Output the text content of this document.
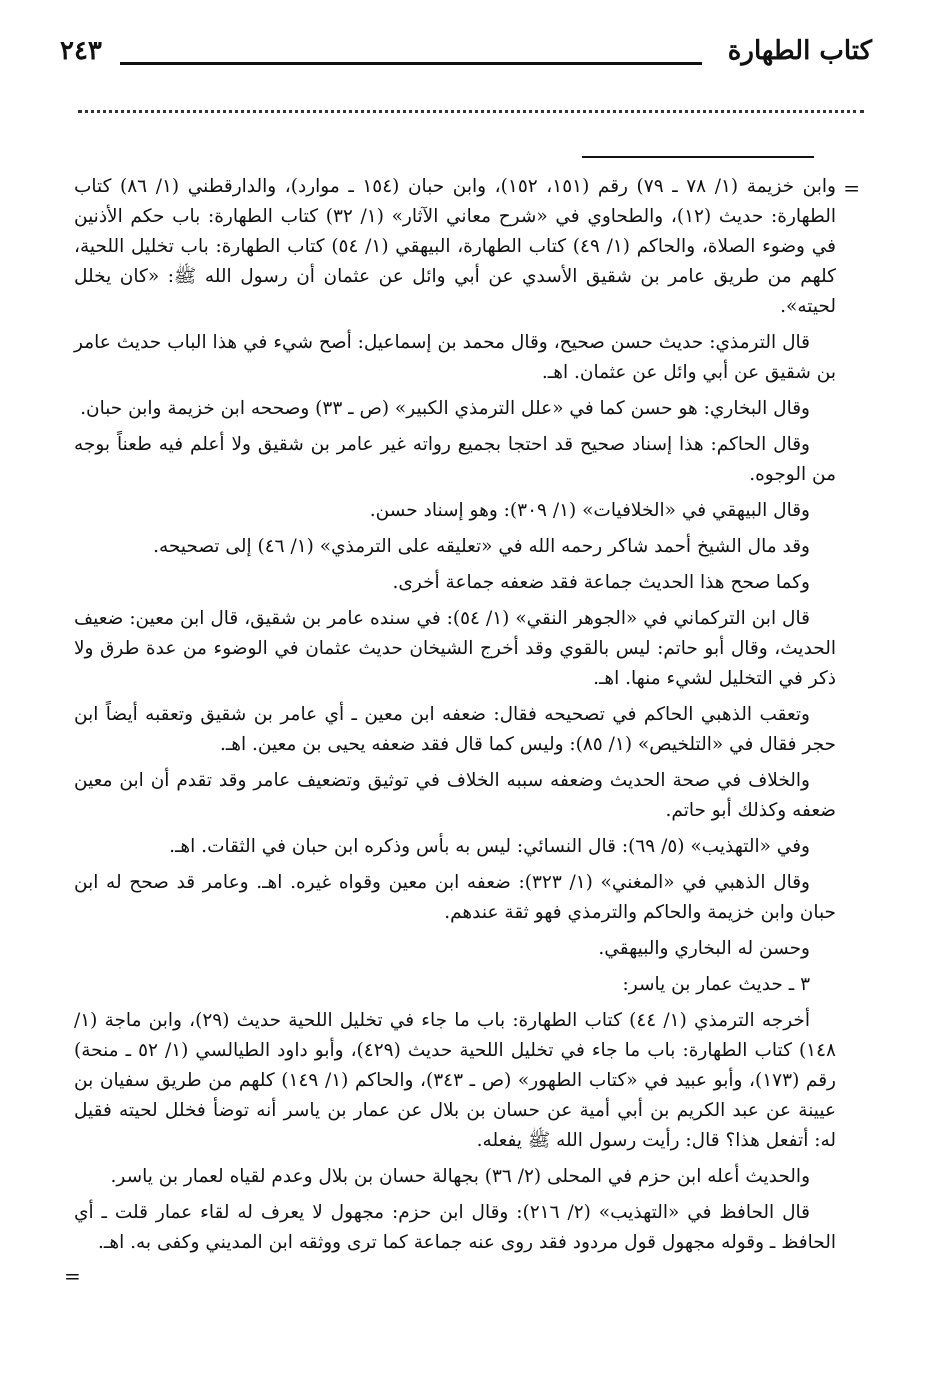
كتاب الطهارة
٢٤٣
=
=

وابن خزيمة (١/ ٧٨ ـ ٧٩) رقم (١٥١، ١٥٢)، وابن حبان (١٥٤ ـ موارد)، والدارقطني (١/ ٨٦) كتاب الطهارة: حديث (١٢)، والطحاوي في «شرح معاني الآثار» (١/ ٣٢) كتاب الطهارة: باب حكم الأذنين في وضوء الصلاة، والحاكم (١/ ٤٩) كتاب الطهارة، البيهقي (١/ ٥٤) كتاب الطهارة: باب تخليل اللحية، كلهم من طريق عامر بن شقيق الأسدي عن أبي وائل عن عثمان أن رسول الله ﷺ: «كان يخلل لحيته».

قال الترمذي: حديث حسن صحيح، وقال محمد بن إسماعيل: أصح شيء في هذا الباب حديث عامر بن شقيق عن أبي وائل عن عثمان. اهـ.

وقال البخاري: هو حسن كما في «علل الترمذي الكبير» (ص ـ ٣٣) وصححه ابن خزيمة وابن حبان.

وقال الحاكم: هذا إسناد صحيح قد احتجا بجميع رواته غير عامر بن شقيق ولا أعلم فيه طعناً بوجه من الوجوه.

وقال البيهقي في «الخلافيات» (١/ ٣٠٩): وهو إسناد حسن.

وقد مال الشيخ أحمد شاكر رحمه الله في «تعليقه على الترمذي» (١/ ٤٦) إلى تصحيحه.

وكما صحح هذا الحديث جماعة فقد ضعفه جماعة أخرى.

قال ابن التركماني في «الجوهر النقي» (١/ ٥٤): في سنده عامر بن شقيق، قال ابن معين: ضعيف الحديث، وقال أبو حاتم: ليس بالقوي وقد أخرج الشيخان حديث عثمان في الوضوء من عدة طرق ولا ذكر في التخليل لشيء منها. اهـ.

وتعقب الذهبي الحاكم في تصحيحه فقال: ضعفه ابن معين ـ أي عامر بن شقيق وتعقبه أيضاً ابن حجر فقال في «التلخيص» (١/ ٨٥): وليس كما قال فقد ضعفه يحيى بن معين. اهـ.

والخلاف في صحة الحديث وضعفه سببه الخلاف في توثيق وتضعيف عامر وقد تقدم أن ابن معين ضعفه وكذلك أبو حاتم.

وفي «التهذيب» (٥/ ٦٩): قال النسائي: ليس به بأس وذكره ابن حبان في الثقات. اهـ.

وقال الذهبي في «المغني» (١/ ٣٢٣): ضعفه ابن معين وقواه غيره. اهـ. وعامر قد صحح له ابن حبان وابن خزيمة والحاكم والترمذي فهو ثقة عندهم.

وحسن له البخاري والبيهقي.

٣ ـ حديث عمار بن ياسر:

أخرجه الترمذي (١/ ٤٤) كتاب الطهارة: باب ما جاء في تخليل اللحية حديث (٢٩)، وابن ماجة (١/ ١٤٨) كتاب الطهارة: باب ما جاء في تخليل اللحية حديث (٤٢٩)، وأبو داود الطيالسي (١/ ٥٢ ـ منحة) رقم (١٧٣)، وأبو عبيد في «كتاب الطهور» (ص ـ ٣٤٣)، والحاكم (١/ ١٤٩) كلهم من طريق سفيان بن عيينة عن عبد الكريم بن أبي أمية عن حسان بن بلال عن عمار بن ياسر أنه توضأ فخلل لحيته فقيل له: أتفعل هذا؟ قال: رأيت رسول الله ﷺ يفعله.

والحديث أعله ابن حزم في المحلى (٢/ ٣٦) بجهالة حسان بن بلال وعدم لقياه لعمار بن ياسر.

قال الحافظ في «التهذيب» (٢/ ٢١٦): وقال ابن حزم: مجهول لا يعرف له لقاء عمار قلت ـ أي الحافظ ـ وقوله مجهول قول مردود فقد روى عنه جماعة كما ترى ووثقه ابن المديني وكفى به. اهـ.
